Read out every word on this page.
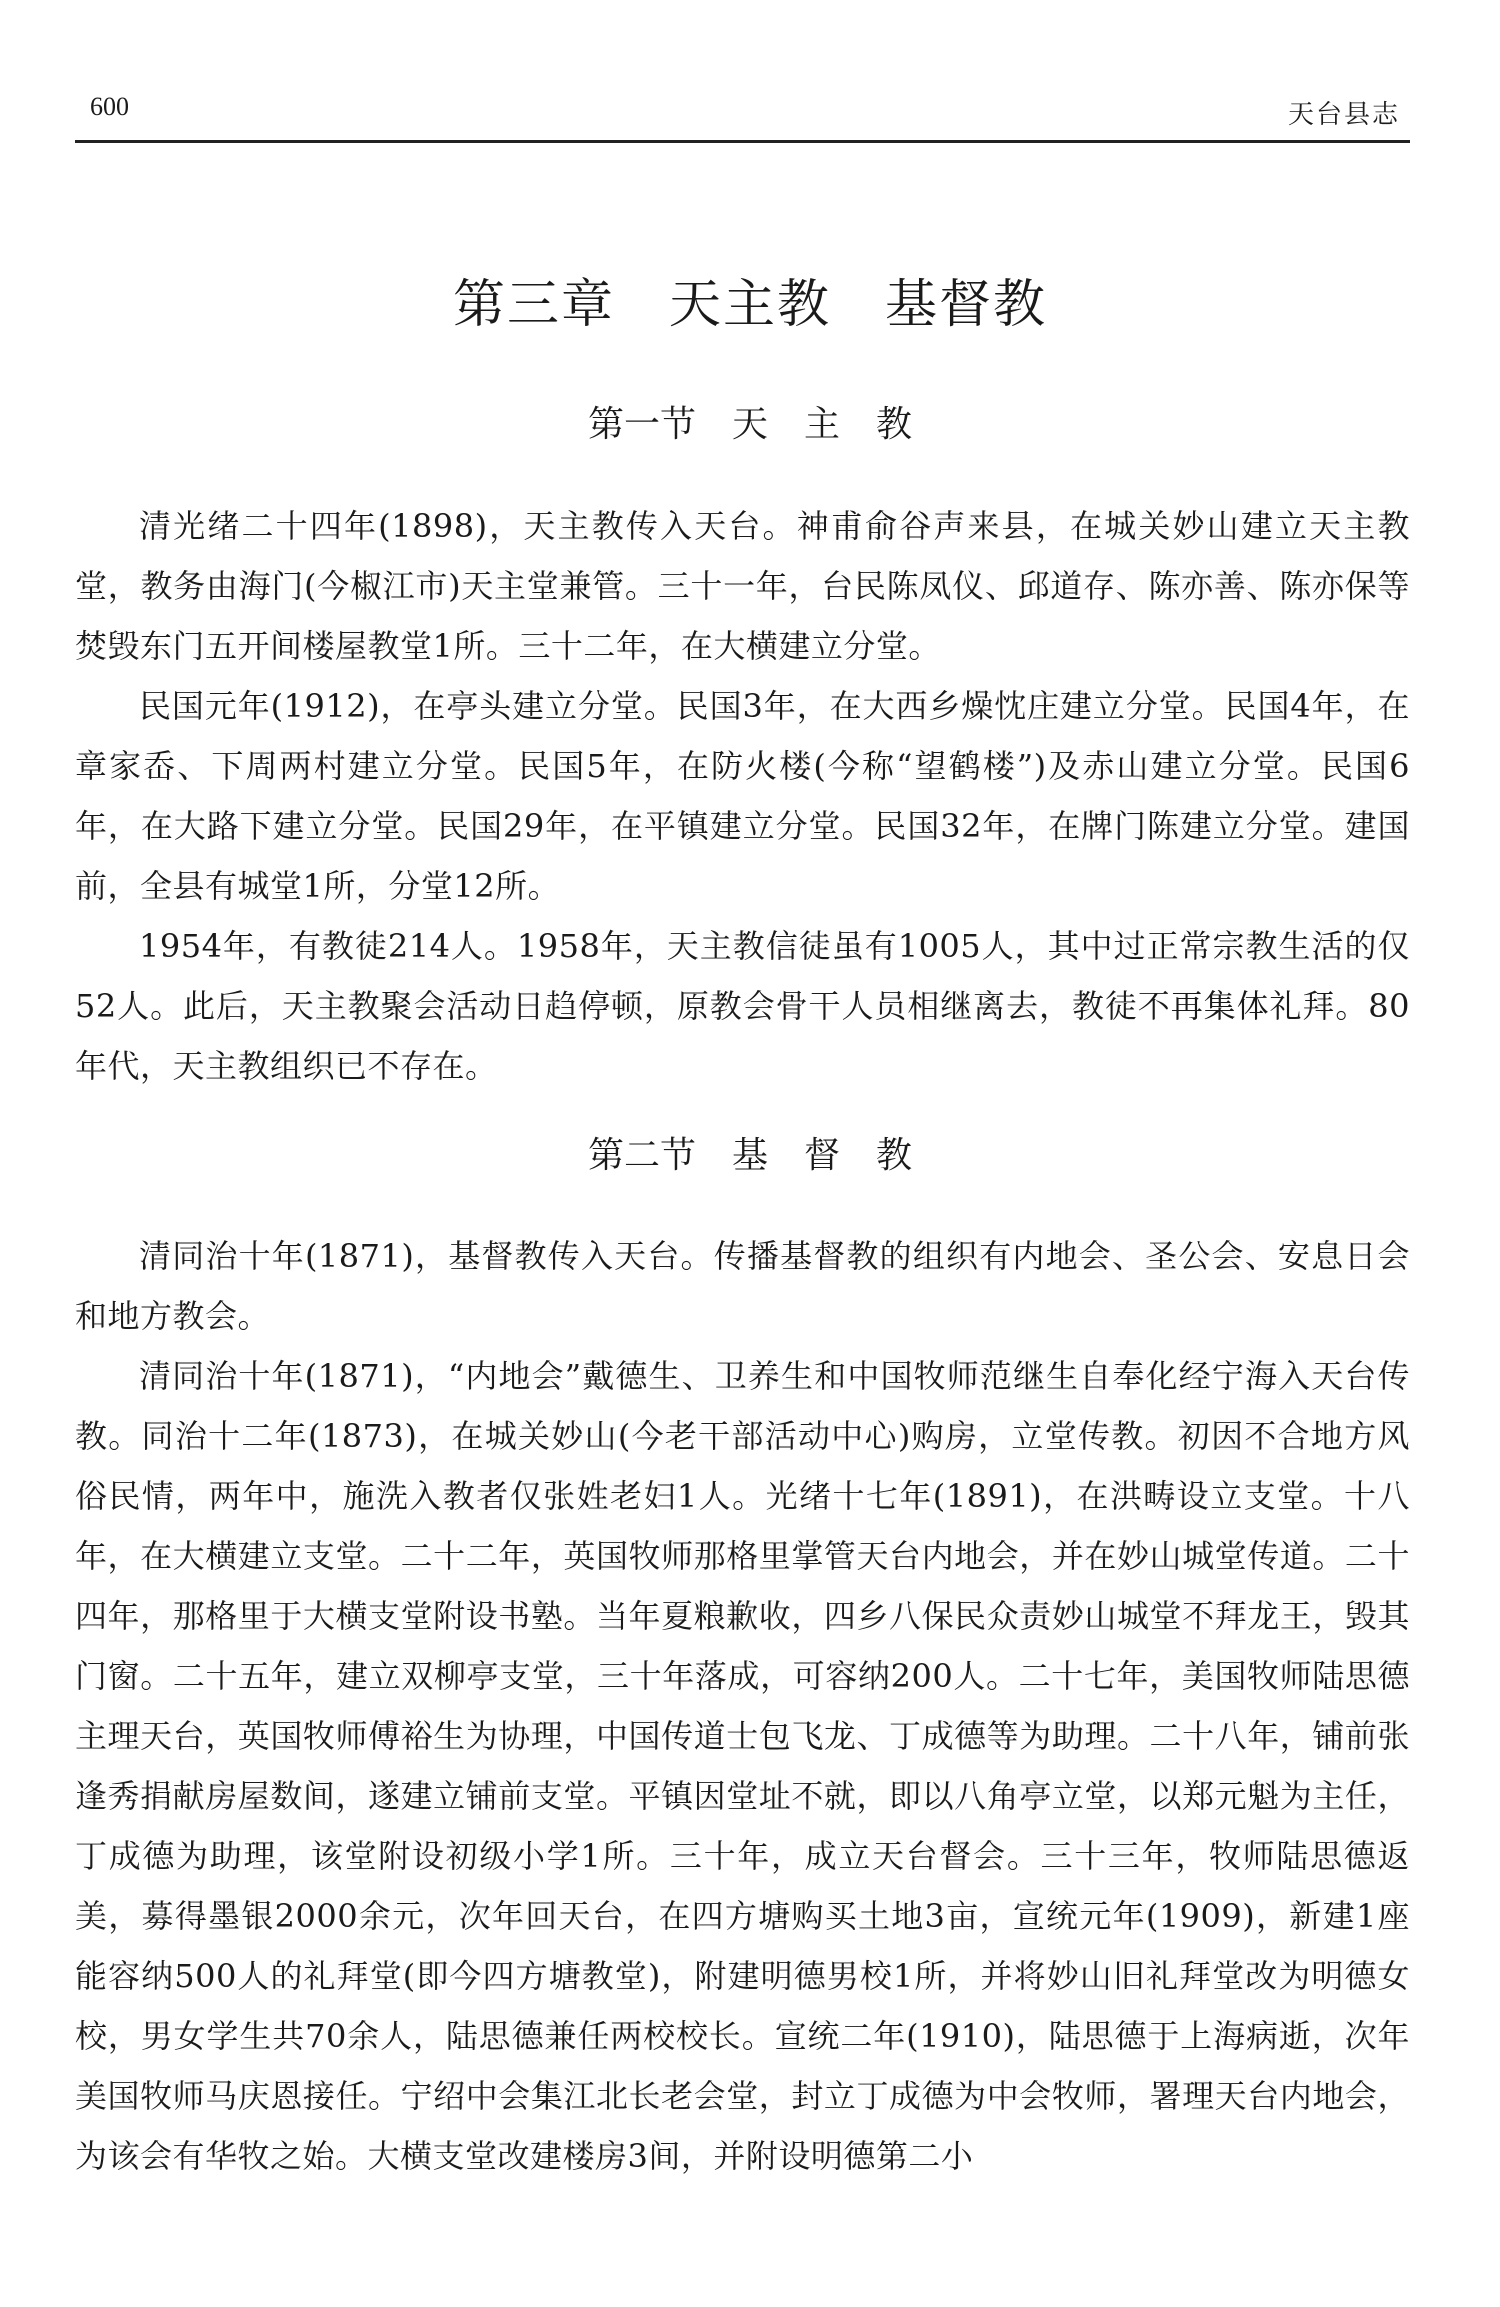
600	天台县志
第三章　天主教　基督教
第一节　天　主　教

清光绪二十四年(1898)，天主教传入天台。神甫俞谷声来县，在城关妙山建立天主教堂，教务由海门(今椒江市)天主堂兼管。三十一年，台民陈凤仪、邱道存、陈亦善、陈亦保等焚毁东门五开间楼屋教堂1所。三十二年，在大横建立分堂。

民国元年(1912)，在亭头建立分堂。民国3年，在大西乡燥忱庄建立分堂。民国4年，在章家岙、下周两村建立分堂。民国5年，在防火楼(今称“望鹤楼”)及赤山建立分堂。民国6年，在大路下建立分堂。民国29年，在平镇建立分堂。民国32年，在牌门陈建立分堂。建国前，全县有城堂1所，分堂12所。

1954年，有教徒214人。1958年，天主教信徒虽有1005人，其中过正常宗教生活的仅52人。此后，天主教聚会活动日趋停顿，原教会骨干人员相继离去，教徒不再集体礼拜。80年代，天主教组织已不存在。

第二节　基　督　教

清同治十年(1871)，基督教传入天台。传播基督教的组织有内地会、圣公会、安息日会和地方教会。

清同治十年(1871)，“内地会”戴德生、卫养生和中国牧师范继生自奉化经宁海入天台传教。同治十二年(1873)，在城关妙山(今老干部活动中心)购房，立堂传教。初因不合地方风俗民情，两年中，施洗入教者仅张姓老妇1人。光绪十七年(1891)，在洪畴设立支堂。十八年，在大横建立支堂。二十二年，英国牧师那格里掌管天台内地会，并在妙山城堂传道。二十四年，那格里于大横支堂附设书塾。当年夏粮歉收，四乡八保民众责妙山城堂不拜龙王，毁其门窗。二十五年，建立双柳亭支堂，三十年落成，可容纳200人。二十七年，美国牧师陆思德主理天台，英国牧师傅裕生为协理，中国传道士包飞龙、丁成德等为助理。二十八年，铺前张逢秀捐献房屋数间，遂建立铺前支堂。平镇因堂址不就，即以八角亭立堂，以郑元魁为主任，丁成德为助理，该堂附设初级小学1所。三十年，成立天台督会。三十三年，牧师陆思德返美，募得墨银2000余元，次年回天台，在四方塘购买土地3亩，宣统元年(1909)，新建1座能容纳500人的礼拜堂(即今四方塘教堂)，附建明德男校1所，并将妙山旧礼拜堂改为明德女校，男女学生共70余人，陆思德兼任两校校长。宣统二年(1910)，陆思德于上海病逝，次年美国牧师马庆恩接任。宁绍中会集江北长老会堂，封立丁成德为中会牧师，署理天台内地会，为该会有华牧之始。大横支堂改建楼房3间，并附设明德第二小
